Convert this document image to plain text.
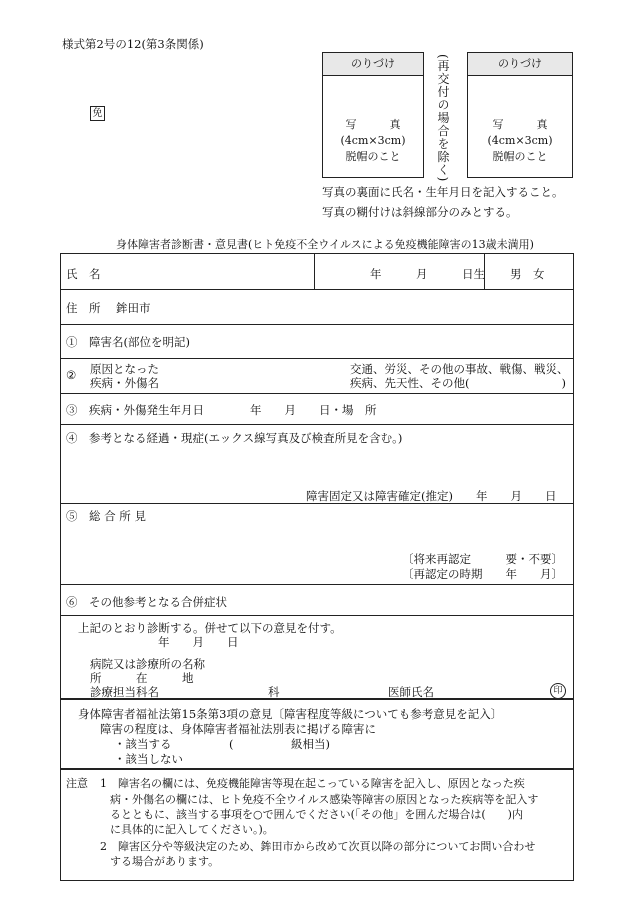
様式第2号の12(第3条関係)
免
のりづけ
写　　　真
(4cm×3cm)
脱帽のこと	(再交付の場合を除く)	のりづけ
写　　　真
(4cm×3cm)
脱帽のこと
写真の裏面に氏名・生年月日を記入すること。
写真の糊付けは斜線部分のみとする。
身体障害者診断書・意見書(ヒト免疫不全ウイルスによる免疫機能障害の13歳未満用)
氏　名	年　　　月　　　日生 男　女
住　所 鉾田市
①　障害名(部位を明記)
② 原因となった
疾病・外傷名
交通、労災、その他の事故、戦傷、戦災、
疾病、先天性、その他(　　　　　　　　)
③　疾病・外傷発生年月日　　　　年　　月　　日・場　所
④　参考となる経過・現症(エックス線写真及び検査所見を含む。)
障害固定又は障害確定(推定)　　年　　月　　日
⑤　総 合 所 見
〔将来再認定　　　要・不要〕
〔再認定の時期　　年　　月〕
⑥　その他参考となる合併症状
上記のとおり診断する。併せて以下の意見を付す。
年　　月　　日
病院又は診療所の名称
所　　　在　　　地
診療担当科名	科	医師氏名	印
身体障害者福祉法第15条第3項の意見〔障害程度等級についても参考意見を記入〕
障害の程度は、身体障害者福祉法別表に掲げる障害に
・該当する　　　　　(　　　　　級相当)
・該当しない
注意 1　障害名の欄には、免疫機能障害等現在起こっている障害を記入し、原因となった疾
病・外傷名の欄には、ヒト免疫不全ウイルス感染等障害の原因となった疾病等を記入す
るとともに、該当する事項を○で囲んでください(「その他」を囲んだ場合は(　　)内
に具体的に記入してください。)。
2　障害区分や等級決定のため、鉾田市から改めて次頁以降の部分についてお問い合わせ
する場合があります。
